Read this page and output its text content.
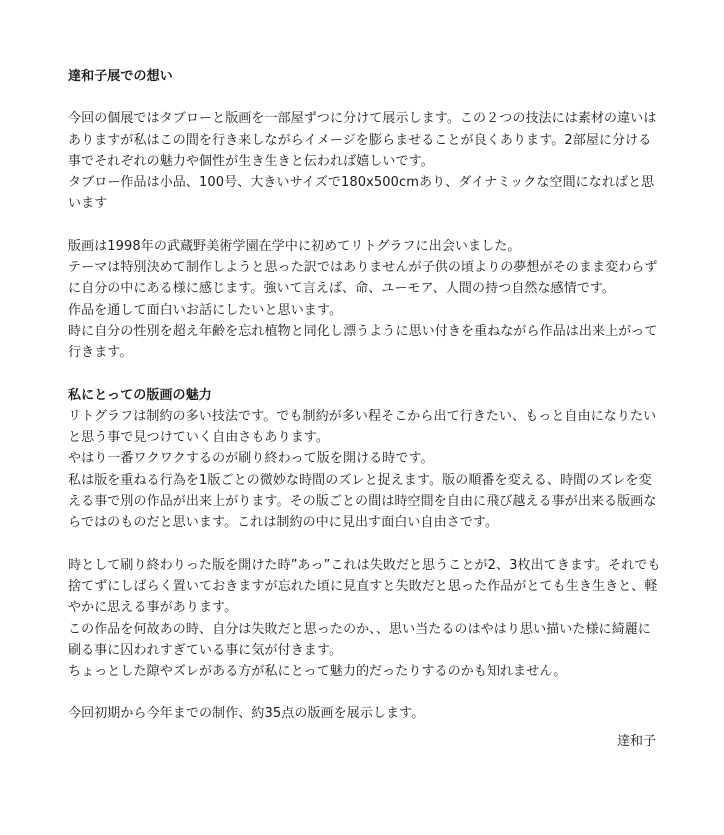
達和子展での想い

今回の個展ではタブローと版画を一部屋ずつに分けて展示します。この２つの技法には素材の違いはありますが私はこの間を行き来しながらイメージを膨らませることが良くあります。2部屋に分ける事でそれぞれの魅力や個性が生き生きと伝われば嬉しいです。

タブロー作品は小品、100号、大きいサイズで180x500cmあり、ダイナミックな空間になればと思います

版画は1998年の武蔵野美術学園在学中に初めてリトグラフに出会いました。

テーマは特別決めて制作しようと思った訳ではありませんが子供の頃よりの夢想がそのまま変わらずに自分の中にある様に感じます。強いて言えば、命、ユーモア、人間の持つ自然な感情です。

作品を通して面白いお話にしたいと思います。

時に自分の性別を超え年齢を忘れ植物と同化し漂うように思い付きを重ねながら作品は出来上がって行きます。

私にとっての版画の魅力

リトグラフは制約の多い技法です。でも制約が多い程そこから出て行きたい、もっと自由になりたいと思う事で見つけていく自由さもあります。

やはり一番ワクワクするのが刷り終わって版を開ける時です。

私は版を重ねる行為を1版ごとの微妙な時間のズレと捉えます。版の順番を変える、時間のズレを変える事で別の作品が出来上がります。その版ごとの間は時空間を自由に飛び越える事が出来る版画ならではのものだと思います。これは制約の中に見出す面白い自由さです。

時として刷り終わりった版を開けた時”あっ”これは失敗だと思うことが2、3枚出てきます。それでも捨てずにしばらく置いておきますが忘れた頃に見直すと失敗だと思った作品がとても生き生きと、軽やかに思える事があります。

この作品を何故あの時、自分は失敗だと思ったのか、、思い当たるのはやはり思い描いた様に綺麗に刷る事に囚われすぎている事に気が付きます。

ちょっとした隙やズレがある方が私にとって魅力的だったりするのかも知れません。

今回初期から今年までの制作、約35点の版画を展示します。

達和子
